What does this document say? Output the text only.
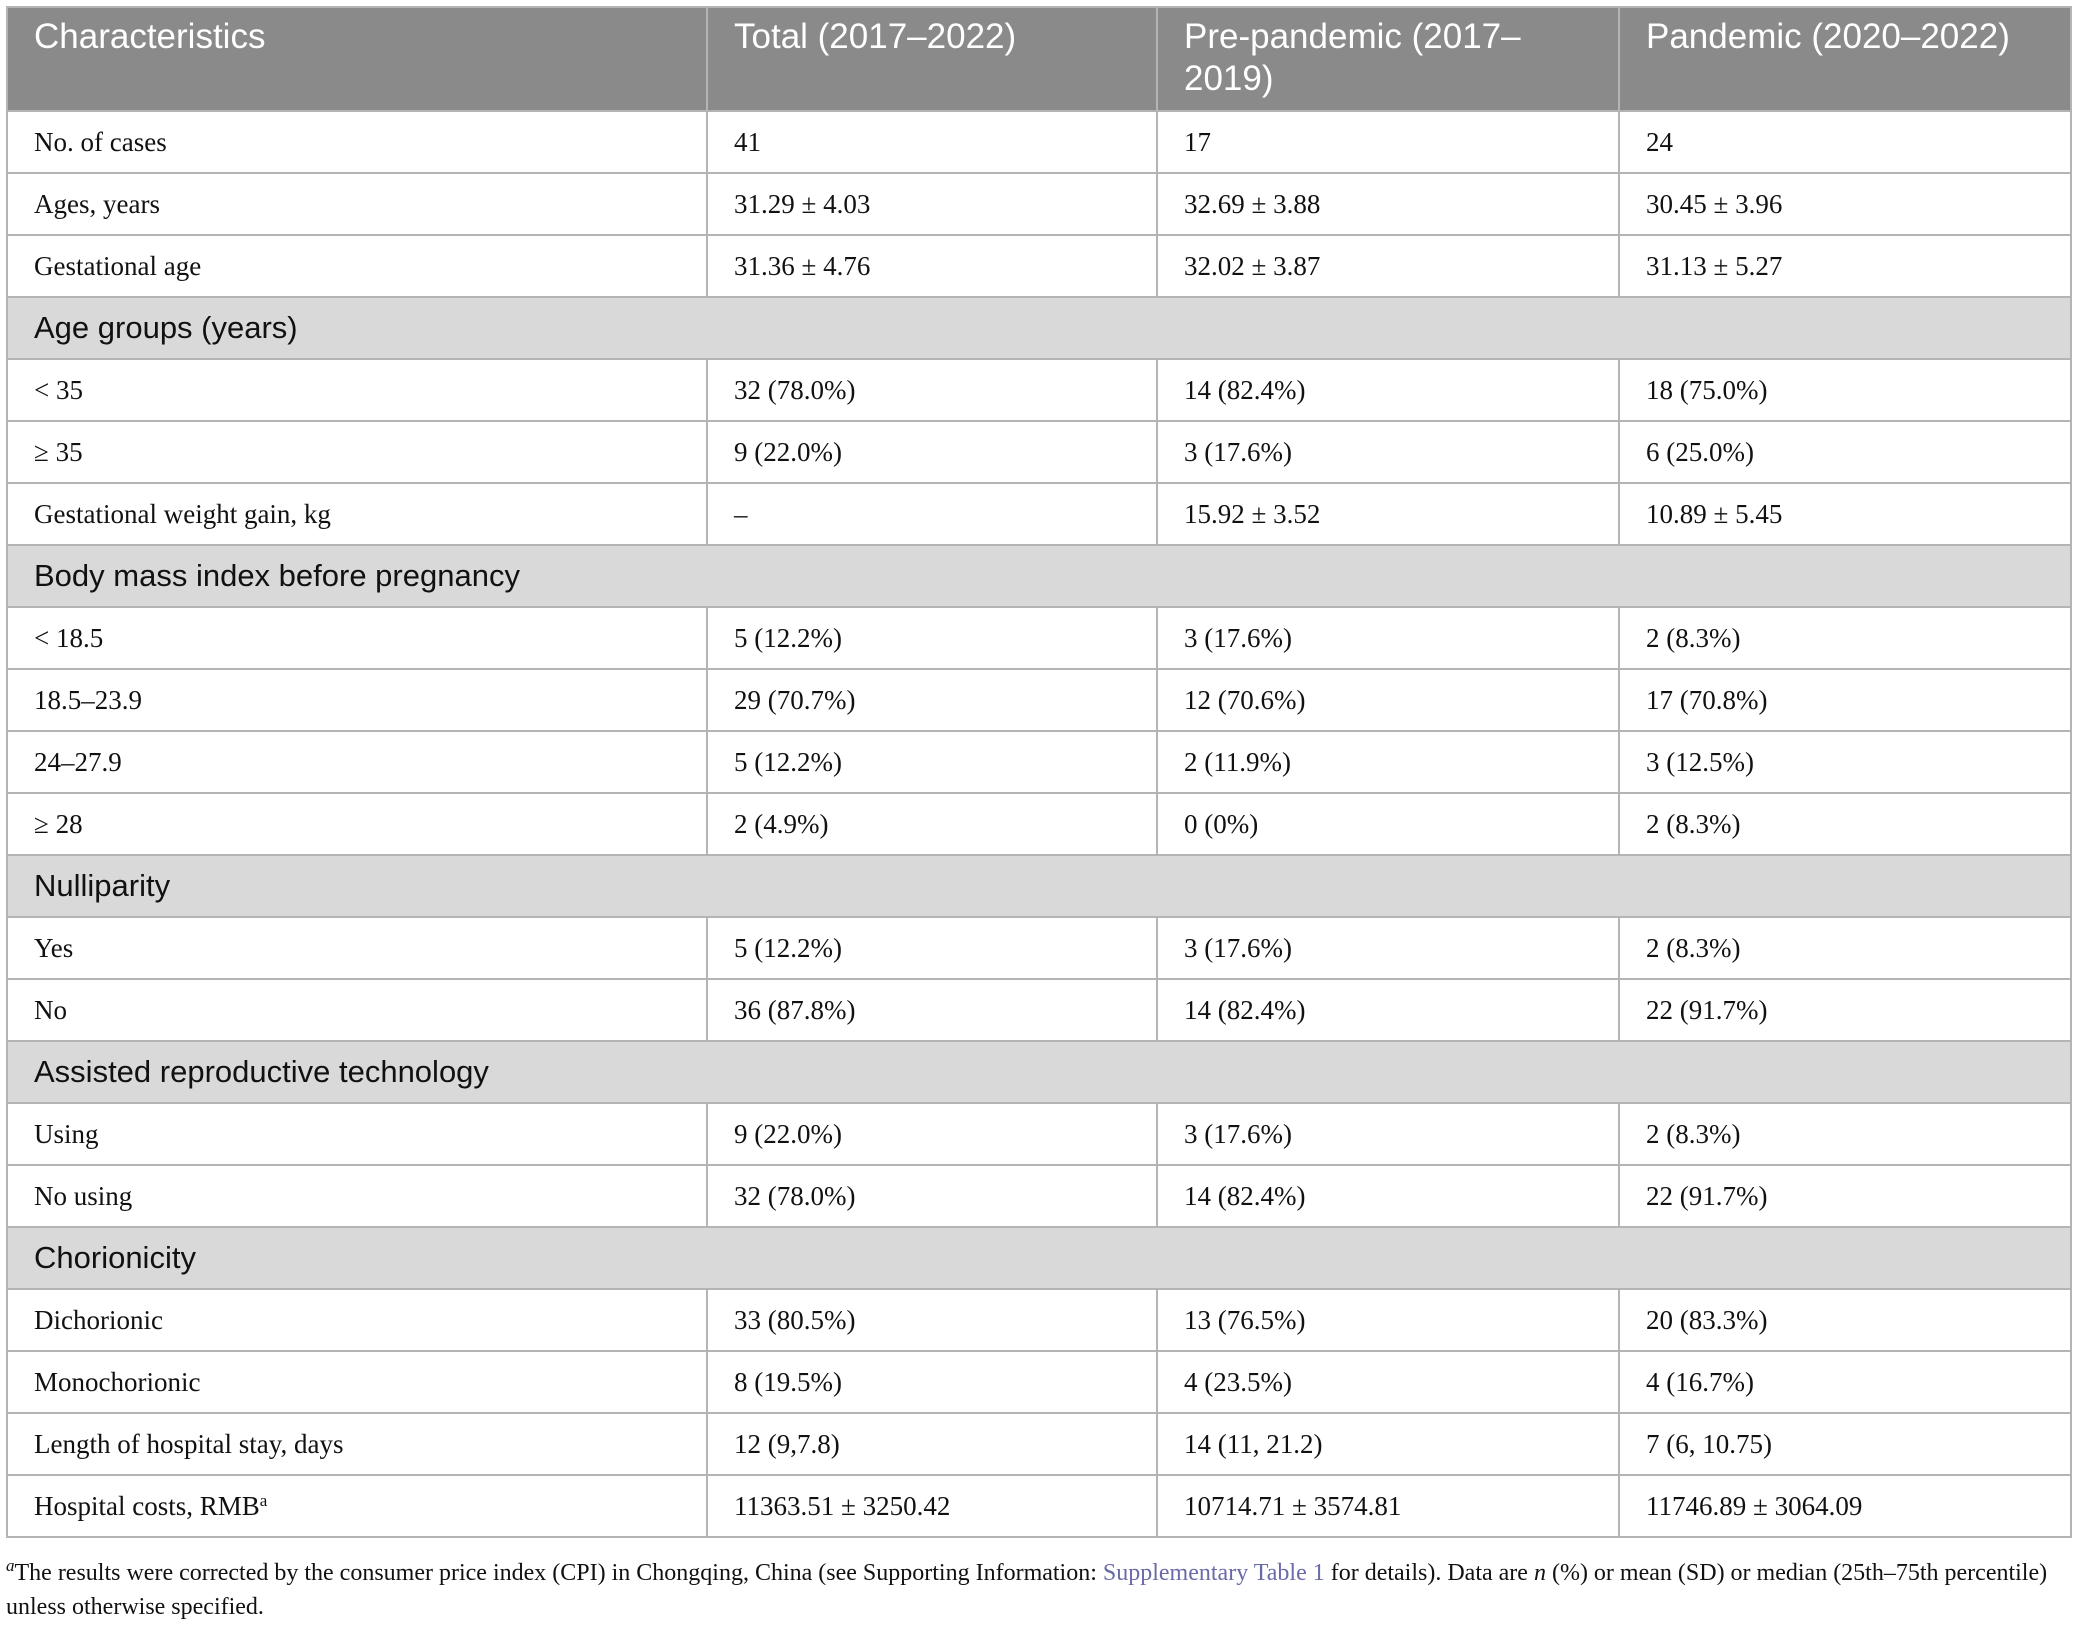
Characteristics	Total (2017–2022)	Pre-pandemic (2017–2019)	Pandemic (2020–2022)
No. of cases	41	17	24
Ages, years	31.29 ± 4.03	32.69 ± 3.88	30.45 ± 3.96
Gestational age	31.36 ± 4.76	32.02 ± 3.87	31.13 ± 5.27
Age groups (years)			
< 35	32 (78.0%)	14 (82.4%)	18 (75.0%)
≥ 35	9 (22.0%)	3 (17.6%)	6 (25.0%)
Gestational weight gain, kg	–	15.92 ± 3.52	10.89 ± 5.45
Body mass index before pregnancy			
< 18.5	5 (12.2%)	3 (17.6%)	2 (8.3%)
18.5–23.9	29 (70.7%)	12 (70.6%)	17 (70.8%)
24–27.9	5 (12.2%)	2 (11.9%)	3 (12.5%)
≥ 28	2 (4.9%)	0 (0%)	2 (8.3%)
Nulliparity			
Yes	5 (12.2%)	3 (17.6%)	2 (8.3%)
No	36 (87.8%)	14 (82.4%)	22 (91.7%)
Assisted reproductive technology			
Using	9 (22.0%)	3 (17.6%)	2 (8.3%)
No using	32 (78.0%)	14 (82.4%)	22 (91.7%)
Chorionicity			
Dichorionic	33 (80.5%)	13 (76.5%)	20 (83.3%)
Monochorionic	8 (19.5%)	4 (23.5%)	4 (16.7%)
Length of hospital stay, days	12 (9,7.8)	14 (11, 21.2)	7 (6, 10.75)
Hospital costs, RMB$^a$	11363.51 ± 3250.42	10714.71 ± 3574.81	11746.89 ± 3064.09
$^a$The results were corrected by the consumer price index (CPI) in Chongqing, China (see Supporting Information: Supplementary Table 1 for details). Data are n (%) or mean (SD) or median (25th–75th percentile) unless otherwise specified.
